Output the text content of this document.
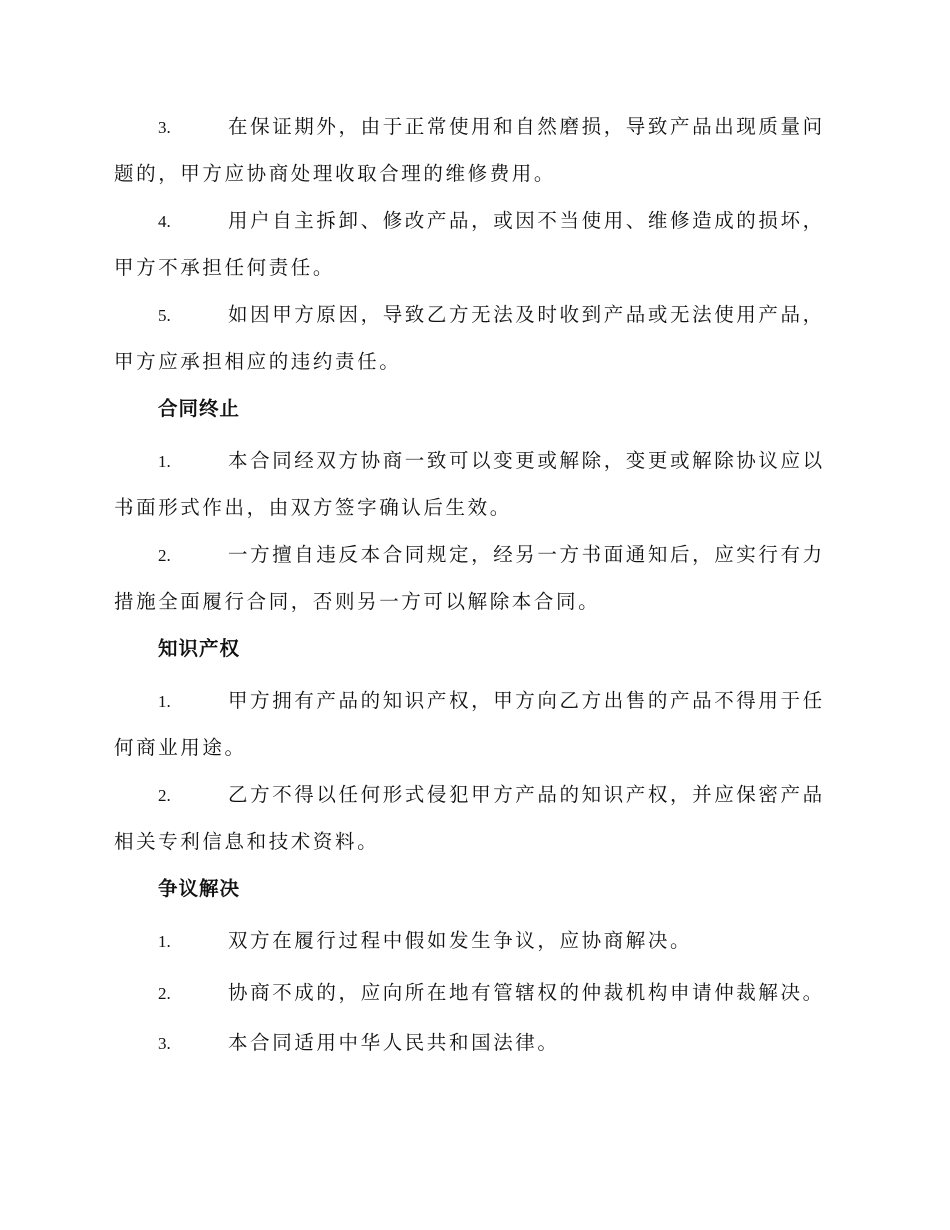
3.	在保证期外，由于正常使用和自然磨损，导致产品出现质量问题的，甲方应协商处理收取合理的维修费用。

4.	用户自主拆卸、修改产品，或因不当使用、维修造成的损坏，甲方不承担任何责任。

5.	如因甲方原因，导致乙方无法及时收到产品或无法使用产品，甲方应承担相应的违约责任。

合同终止

1.	本合同经双方协商一致可以变更或解除，变更或解除协议应以书面形式作出，由双方签字确认后生效。

2.	一方擅自违反本合同规定，经另一方书面通知后，应实行有力措施全面履行合同，否则另一方可以解除本合同。

知识产权

1.	甲方拥有产品的知识产权，甲方向乙方出售的产品不得用于任何商业用途。

2.	乙方不得以任何形式侵犯甲方产品的知识产权，并应保密产品相关专利信息和技术资料。

争议解决

1.	双方在履行过程中假如发生争议，应协商解决。

2.	协商不成的，应向所在地有管辖权的仲裁机构申请仲裁解决。

3.	本合同适用中华人民共和国法律。
